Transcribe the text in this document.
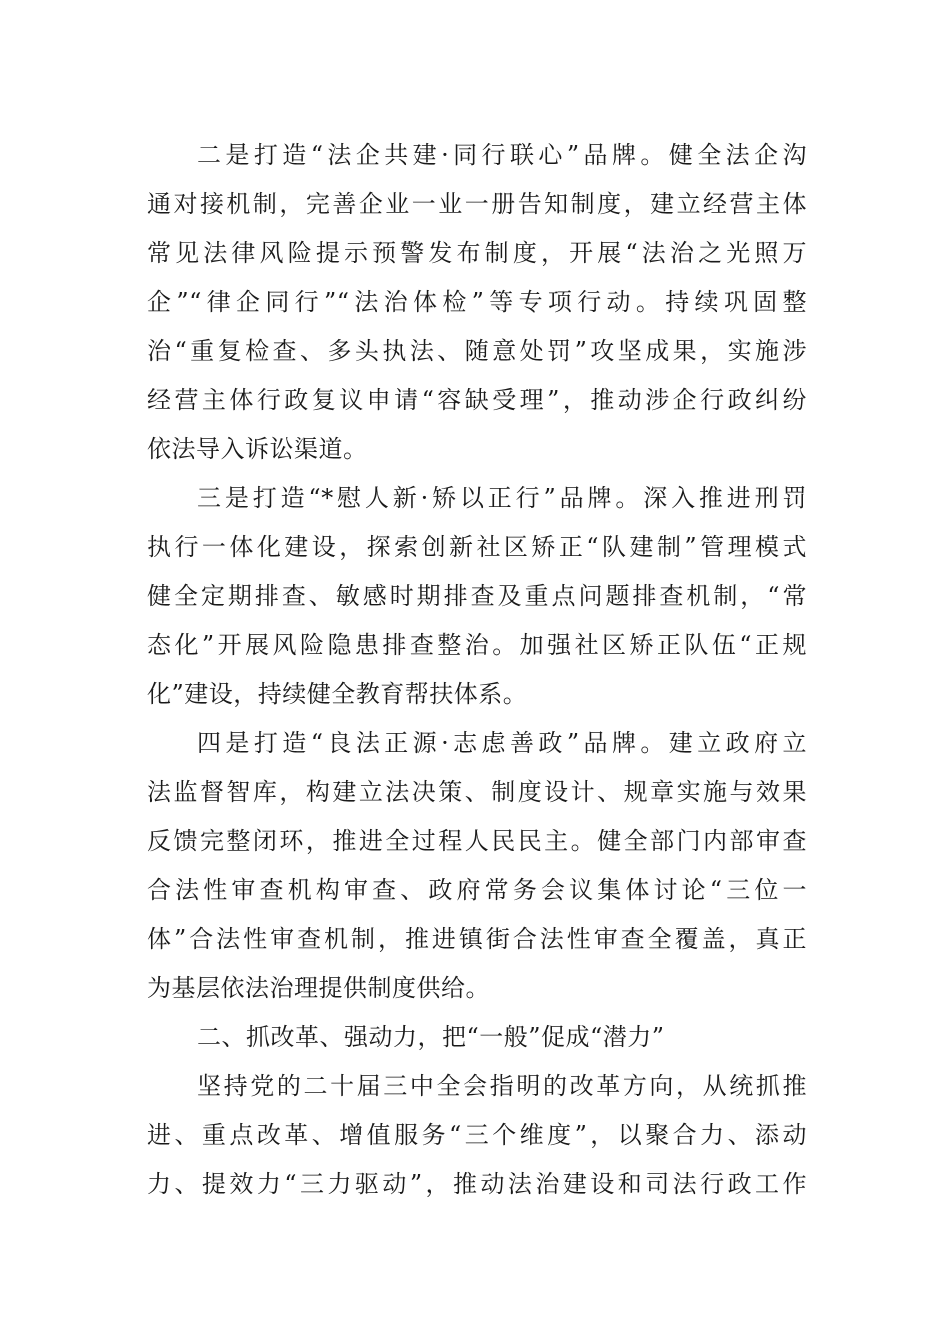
二是打造“法企共建·同行联心”品牌。健全法企沟
通对接机制，完善企业一业一册告知制度，建立经营主体
常见法律风险提示预警发布制度，开展“法治之光照万
企”“律企同行”“法治体检”等专项行动。持续巩固整
治“重复检查、多头执法、随意处罚”攻坚成果，实施涉
经营主体行政复议申请“容缺受理”，推动涉企行政纠纷
依法导入诉讼渠道。
三是打造“*慰人新·矫以正行”品牌。深入推进刑罚
执行一体化建设，探索创新社区矫正“队建制”管理模式
健全定期排查、敏感时期排查及重点问题排查机制，“常
态化”开展风险隐患排查整治。加强社区矫正队伍“正规
化”建设，持续健全教育帮扶体系。
四是打造“良法正源·志虑善政”品牌。建立政府立
法监督智库，构建立法决策、制度设计、规章实施与效果
反馈完整闭环，推进全过程人民民主。健全部门内部审查
合法性审查机构审查、政府常务会议集体讨论“三位一
体”合法性审查机制，推进镇街合法性审查全覆盖，真正
为基层依法治理提供制度供给。
二、抓改革、强动力，把“一般”促成“潜力”
坚持党的二十届三中全会指明的改革方向，从统抓推
进、重点改革、增值服务“三个维度”，以聚合力、添动
力、提效力“三力驱动”，推动法治建设和司法行政工作
